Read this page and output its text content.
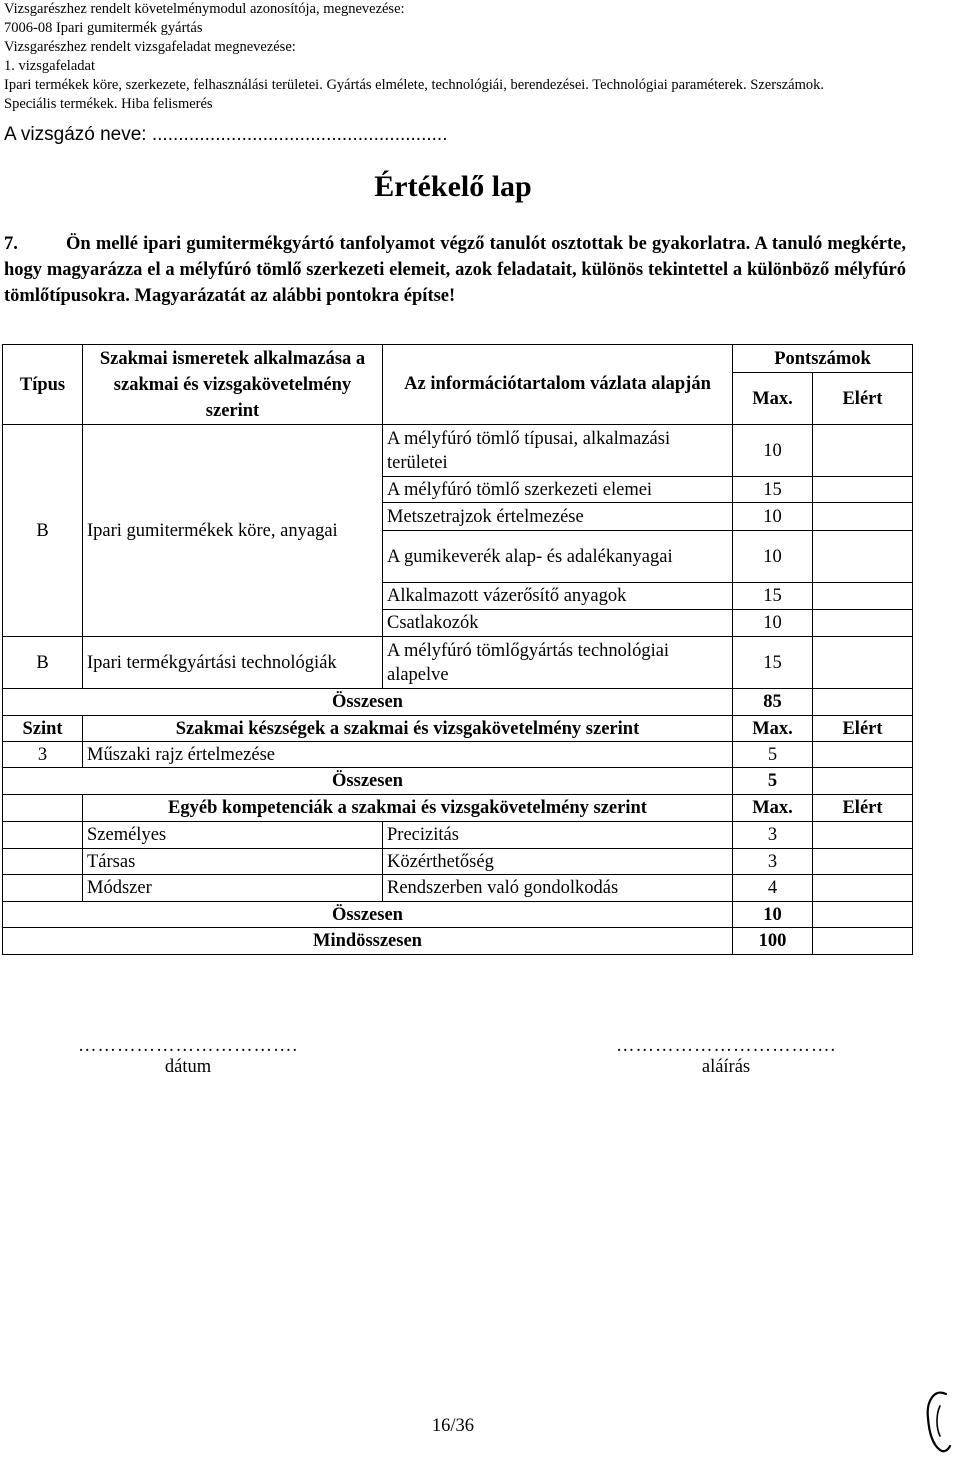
Vizsgarészhez rendelt követelménymodul azonosítója, megnevezése:
7006-08 Ipari gumitermék gyártás
Vizsgarészhez rendelt vizsgafeladat megnevezése:
1. vizsgafeladat
Ipari termékek köre, szerkezete, felhasználási területei. Gyártás elmélete, technológiái, berendezései. Technológiai paraméterek. Szerszámok.
Speciális termékek. Hiba felismerés
A vizsgázó neve: ........................................................
Értékelő lap
7.	Ön mellé ipari gumitermékgyártó tanfolyamot végző tanulót osztottak be gyakorlatra. A tanuló megkérte, hogy magyarázza el a mélyfúró tömlő szerkezeti elemeit, azok feladatait, különös tekintettel a különböző mélyfúró tömlőtípusokra. Magyarázatát az alábbi pontokra építse!
Típus	Szakmai ismeretek alkalmazása a szakmai és vizsgakövetelmény szerint	Az információtartalom vázlata alapján	Pontszámok	
			Max.	Elért
B	Ipari gumitermékek köre, anyagai	A mélyfúró tömlő típusai, alkalmazási területei	10	
		A mélyfúró tömlő szerkezeti elemei	15	
		Metszetrajzok értelmezése	10	
		A gumikeverék alap- és adalékanyagai	10	
		Alkalmazott vázerősítő anyagok	15	
		Csatlakozók	10	
B	Ipari termékgyártási technológiák	A mélyfúró tömlőgyártás technológiai alapelve	15	
Összesen			85	
Szint	Szakmai készségek a szakmai és vizsgakövetelmény szerint		Max.	Elért
3	Műszaki rajz értelmezése		5	
Összesen			5	
	Egyéb kompetenciák a szakmai és vizsgakövetelmény szerint		Max.	Elért
	Személyes	Precizitás	3	
	Társas	Közérthetőség	3	
	Módszer	Rendszerben való gondolkodás	4	
Összesen			10	
Mindösszesen			100	
…………………………….
dátum
…………………………….
aláírás
16/36
